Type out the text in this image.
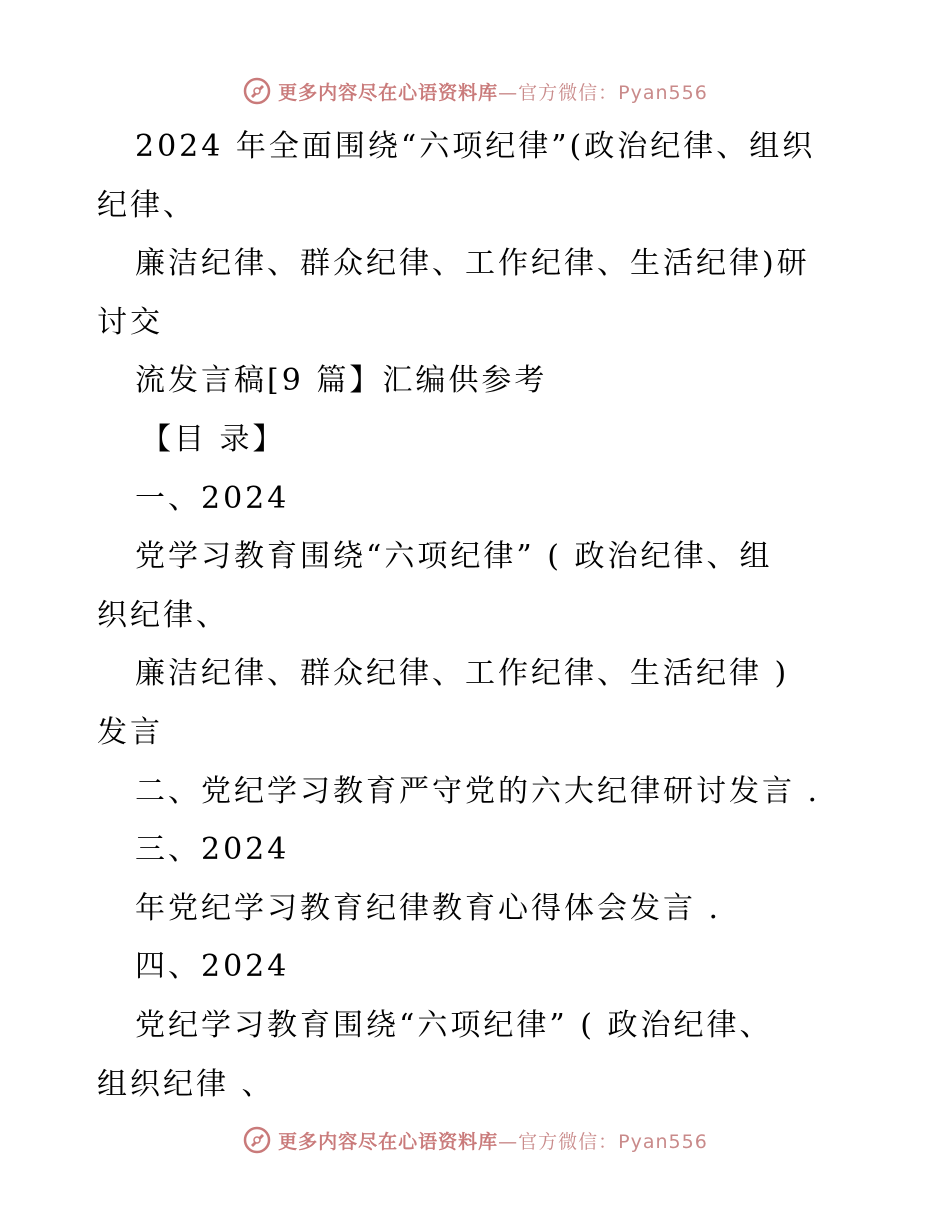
更多内容尽在心语资料库—官方微信：Pyan556
2024 年全面围绕“六项纪律”(政治纪律、组织
纪律、
廉洁纪律、群众纪律、工作纪律、生活纪律)研
讨交
流发言稿[9 篇】汇编供参考
【目 录】
一、2024
党学习教育围绕“六项纪律” ( 政治纪律、组
织纪律、
廉洁纪律、群众纪律、工作纪律、生活纪律 )
发言
二、党纪学习教育严守党的六大纪律研讨发言 .
三、2024
年党纪学习教育纪律教育心得体会发言 .
四、2024
党纪学习教育围绕“六项纪律” ( 政治纪律、
组织纪律 、
更多内容尽在心语资料库—官方微信：Pyan556
